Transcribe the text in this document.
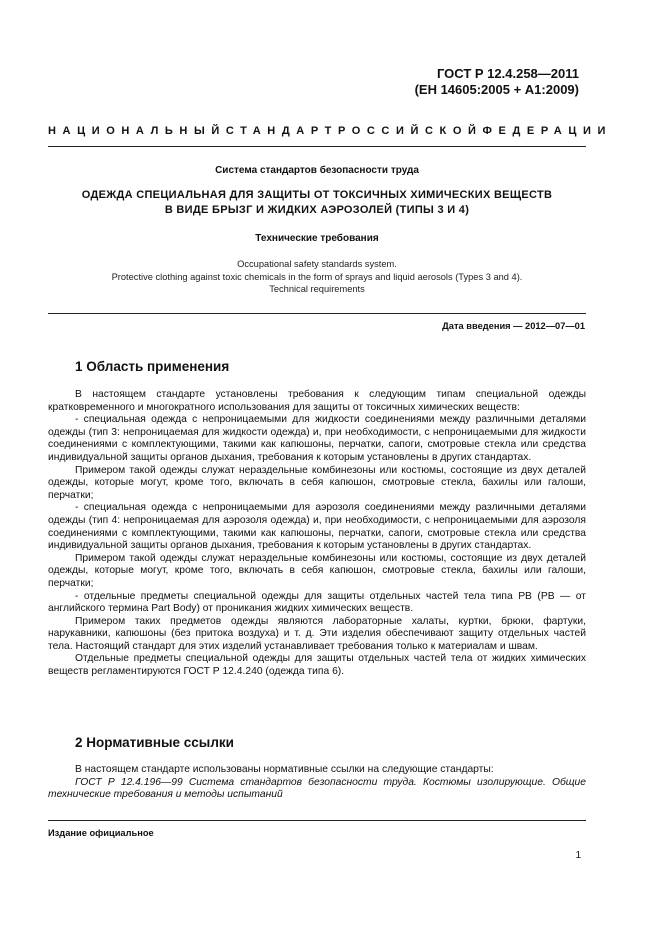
ГОСТ Р 12.4.258—2011
(ЕН 14605:2005 + А1:2009)
НАЦИОНАЛЬНЫЙ СТАНДАРТ РОССИЙСКОЙ ФЕДЕРАЦИИ
Система стандартов безопасности труда
ОДЕЖДА СПЕЦИАЛЬНАЯ ДЛЯ ЗАЩИТЫ ОТ ТОКСИЧНЫХ ХИМИЧЕСКИХ ВЕЩЕСТВ
В ВИДЕ БРЫЗГ И ЖИДКИХ АЭРОЗОЛЕЙ (ТИПЫ 3 И 4)
Технические требования
Occupational safety standards system.
Protective clothing against toxic chemicals in the form of sprays and liquid aerosols (Types 3 and 4).
Technical requirements
Дата введения — 2012—07—01
1 Область применения

В настоящем стандарте установлены требования к следующим типам специальной одежды кратковременного и многократного использования для защиты от токсичных химических веществ:

- специальная одежда с непроницаемыми для жидкости соединениями между различными деталями одежды (тип 3: непроницаемая для жидкости одежда) и, при необходимости, с непроницаемыми для жидкости соединениями с комплектующими, такими как капюшоны, перчатки, сапоги, смотровые стекла или средства индивидуальной защиты органов дыхания, требования к которым установлены в других стандартах.

Примером такой одежды служат нераздельные комбинезоны или костюмы, состоящие из двух деталей одежды, которые могут, кроме того, включать в себя капюшон, смотровые стекла, бахилы или галоши, перчатки;

- специальная одежда с непроницаемыми для аэрозоля соединениями между различными деталями одежды (тип 4: непроницаемая для аэрозоля одежда) и, при необходимости, с непроницаемыми для аэрозоля соединениями с комплектующими, такими как капюшоны, перчатки, сапоги, смотровые стекла или средства индивидуальной защиты органов дыхания, требования к которым установлены в других стандартах.

Примером такой одежды служат нераздельные комбинезоны или костюмы, состоящие из двух деталей одежды, которые могут, кроме того, включать в себя капюшон, смотровые стекла, бахилы или галоши, перчатки;

- отдельные предметы специальной одежды для защиты отдельных частей тела типа РВ (РВ — от английского термина Part Body) от проникания жидких химических веществ.

Примером таких предметов одежды являются лабораторные халаты, куртки, брюки, фартуки, нарукавники, капюшоны (без притока воздуха) и т. д. Эти изделия обеспечивают защиту отдельных частей тела. Настоящий стандарт для этих изделий устанавливает требования только к материалам и швам.

Отдельные предметы специальной одежды для защиты отдельных частей тела от жидких химических веществ регламентируются ГОСТ Р 12.4.240 (одежда типа 6).

2 Нормативные ссылки

В настоящем стандарте использованы нормативные ссылки на следующие стандарты:

ГОСТ Р 12.4.196—99 Система стандартов безопасности труда. Костюмы изолирующие. Общие технические требования и методы испытаний

Издание официальное
1
